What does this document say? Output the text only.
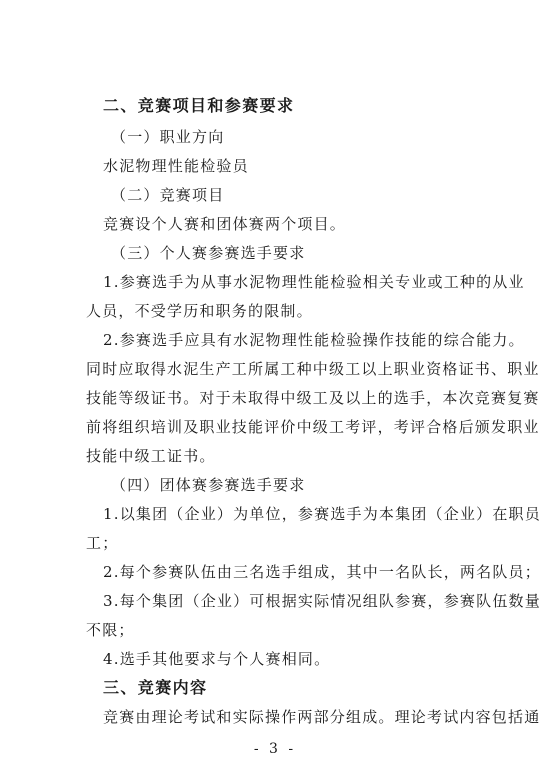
二、竞赛项目和参赛要求
（一）职业方向
水泥物理性能检验员
（二）竞赛项目
竞赛设个人赛和团体赛两个项目。
（三）个人赛参赛选手要求
1.参赛选手为从事水泥物理性能检验相关专业或工种的从业
人员，不受学历和职务的限制。
2.参赛选手应具有水泥物理性能检验操作技能的综合能力。
同时应取得水泥生产工所属工种中级工以上职业资格证书、职业
技能等级证书。对于未取得中级工及以上的选手，本次竞赛复赛
前将组织培训及职业技能评价中级工考评，考评合格后颁发职业
技能中级工证书。
（四）团体赛参赛选手要求
1.以集团（企业）为单位，参赛选手为本集团（企业）在职员
工；
2.每个参赛队伍由三名选手组成，其中一名队长，两名队员；
3.每个集团（企业）可根据实际情况组队参赛，参赛队伍数量
不限；
4.选手其他要求与个人赛相同。
三、竞赛内容
竞赛由理论考试和实际操作两部分组成。理论考试内容包括通
- 3 -
